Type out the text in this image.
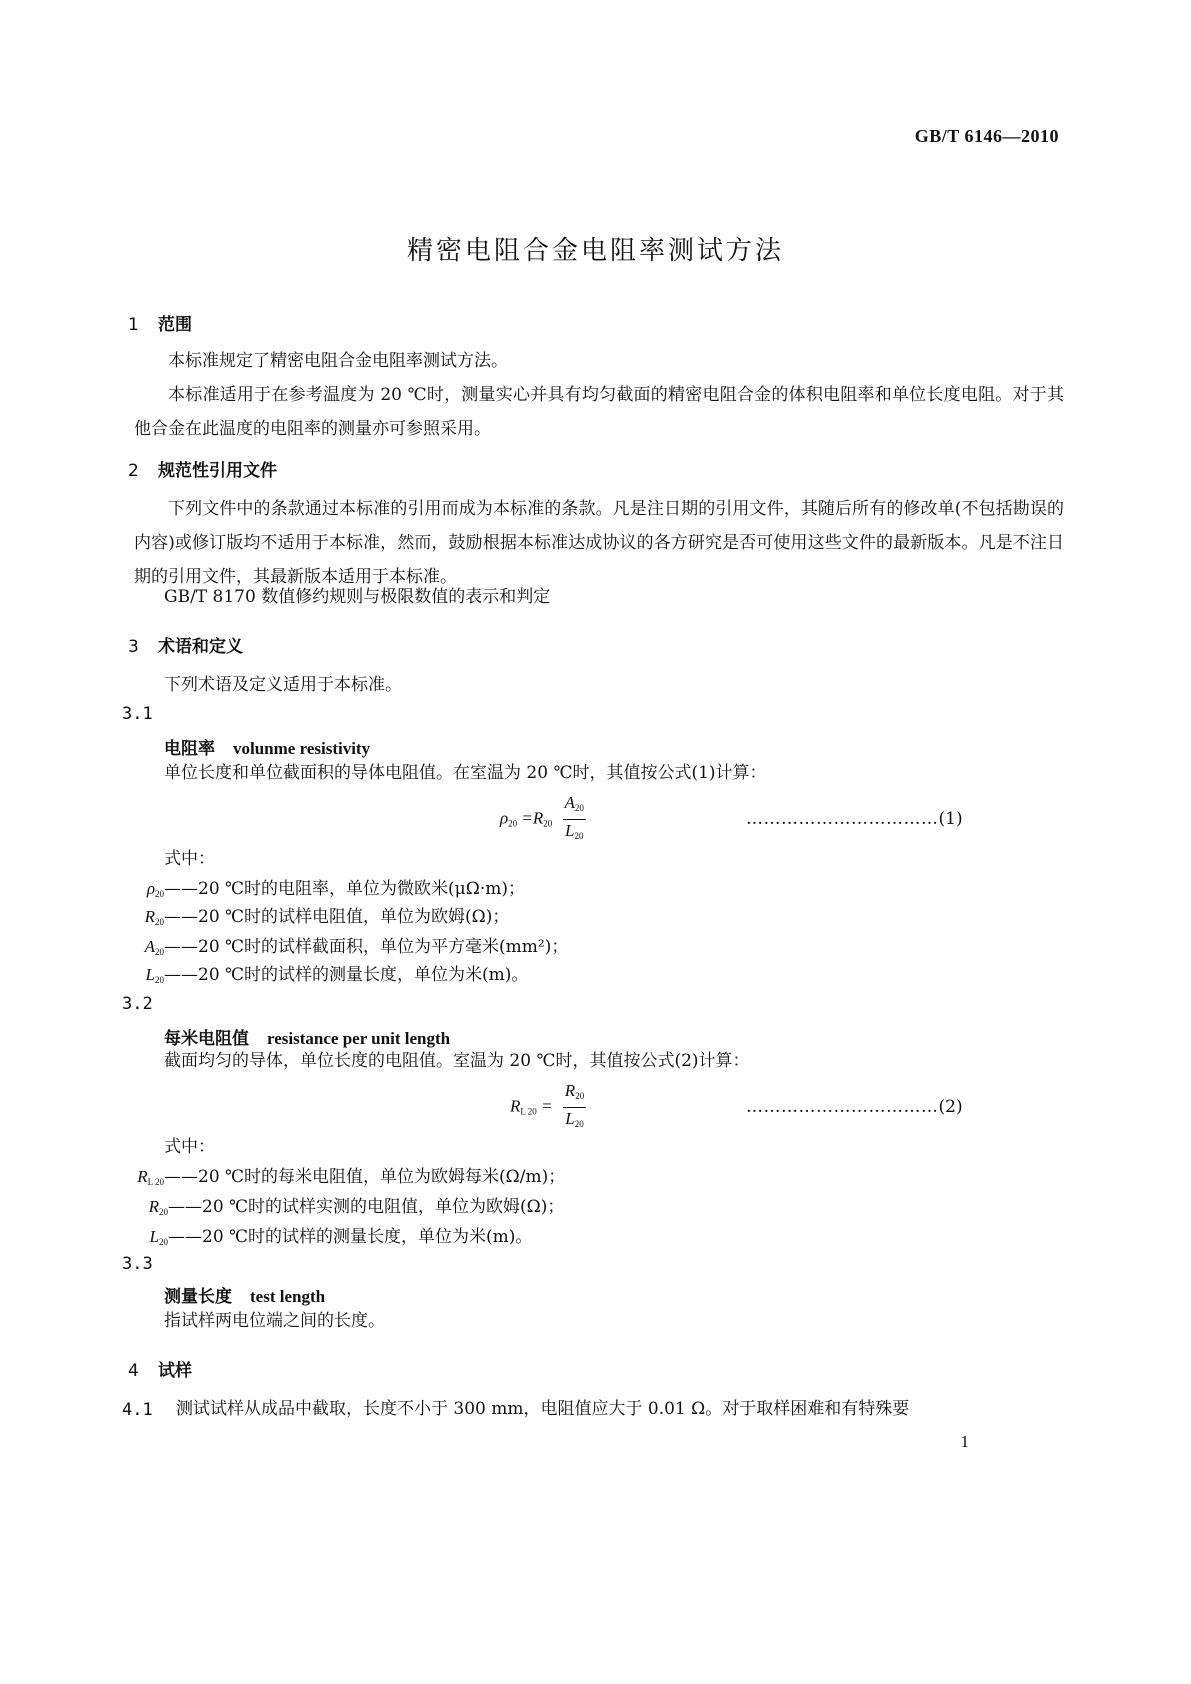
GB/T 6146—2010
精密电阻合金电阻率测试方法
1 范围
本标准规定了精密电阻合金电阻率测试方法。
本标准适用于在参考温度为 20 ℃时，测量实心并具有均匀截面的精密电阻合金的体积电阻率和单位长度电阻。对于其他合金在此温度的电阻率的测量亦可参照采用。
2 规范性引用文件
下列文件中的条款通过本标准的引用而成为本标准的条款。凡是注日期的引用文件，其随后所有的修改单(不包括勘误的内容)或修订版均不适用于本标准，然而，鼓励根据本标准达成协议的各方研究是否可使用这些文件的最新版本。凡是不注日期的引用文件，其最新版本适用于本标准。
GB/T 8170 数值修约规则与极限数值的表示和判定
3 术语和定义
下列术语及定义适用于本标准。
3.1
电阻率 volunme resistivity
单位长度和单位截面积的导体电阻值。在室温为 20 ℃时，其值按公式(1)计算：
$\rho_{20} =R_{20} \frac{A_{20}}{L_{20}}$	……………………………(1)
式中：
$\rho_{20}——20$ ℃时的电阻率，单位为微欧米(μΩ·m)；
$R_{20}——20$ ℃时的试样电阻值，单位为欧姆(Ω)；
$A_{20}——20$ ℃时的试样截面积，单位为平方毫米(mm²)；
$L_{20}——20$ ℃时的试样的测量长度，单位为米(m)。
3.2
每米电阻值 resistance per unit length
截面均匀的导体，单位长度的电阻值。室温为 20 ℃时，其值按公式(2)计算：
$R_{L 20} = \frac{R_{20}}{L_{20}}$	……………………………(2)
式中：
$R_{L 20}——20$ ℃时的每米电阻值，单位为欧姆每米(Ω/m)；
$R_{20}——20$ ℃时的试样实测的电阻值，单位为欧姆(Ω)；
$L_{20}——20$ ℃时的试样的测量长度，单位为米(m)。
3.3
测量长度 test length
指试样两电位端之间的长度。
4 试样
4.1 测试试样从成品中截取，长度不小于 300 mm，电阻值应大于 0.01 Ω。对于取样困难和有特殊要
1
